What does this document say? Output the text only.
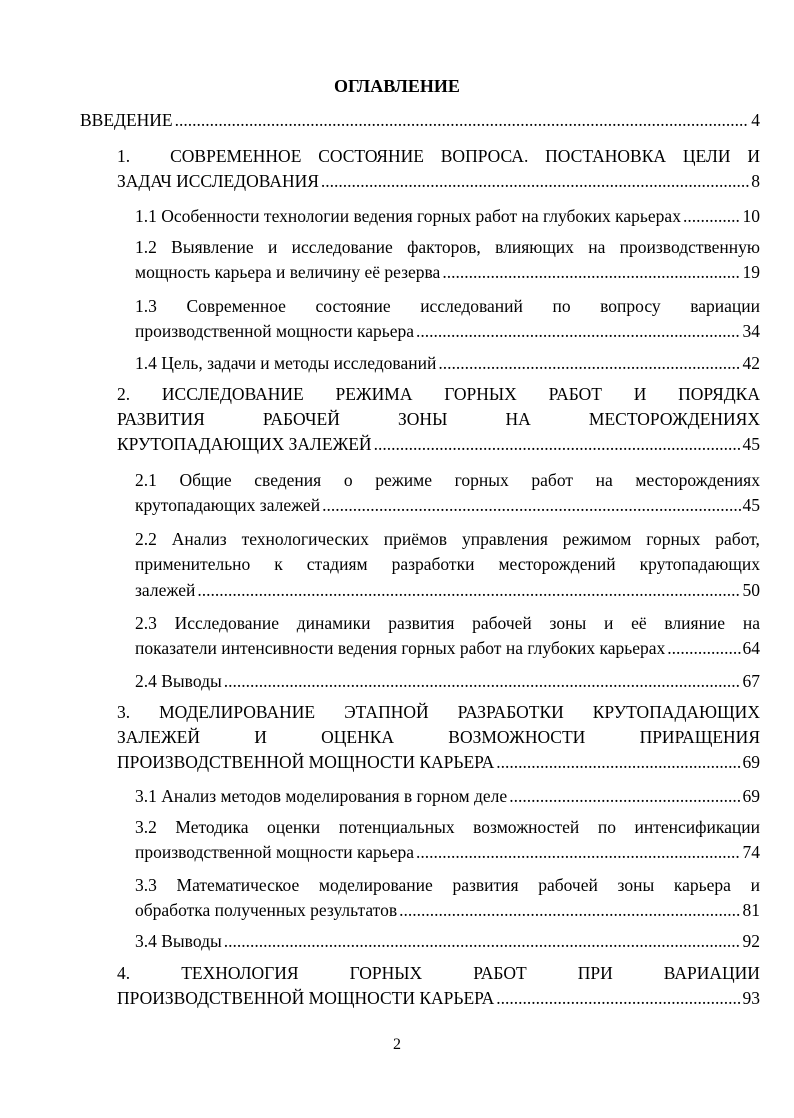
ОГЛАВЛЕНИЕ
ВВЕДЕНИЕ .....	4
1. СОВРЕМЕННОЕ СОСТОЯНИЕ ВОПРОСА. ПОСТАНОВКА ЦЕЛИ И
ЗАДАЧ ИССЛЕДОВАНИЯ .....	8
1.1 Особенности технологии ведения горных работ на глубоких карьерах .....	10
1.2 Выявление и исследование факторов, влияющих на производственную
мощность карьера и величину её резерва .....	19
1.3 Современное состояние исследований по вопросу вариации
производственной мощности карьера .....	34
1.4 Цель, задачи и методы исследований .....	42
2. ИССЛЕДОВАНИЕ РЕЖИМА ГОРНЫХ РАБОТ И ПОРЯДКА
РАЗВИТИЯ	РАБОЧЕЙ	ЗОНЫ	НА	МЕСТОРОЖДЕНИЯХ
КРУТОПАДАЮЩИХ ЗАЛЕЖЕЙ .....	45
2.1 Общие сведения о режиме горных работ на месторождениях
крутопадающих залежей .....	45
2.2 Анализ технологических приёмов управления режимом горных работ,
применительно к стадиям разработки месторождений крутопадающих
залежей .....	50
2.3 Исследование динамики развития рабочей зоны и её влияние на
показатели интенсивности ведения горных работ на глубоких карьерах .....	64
2.4 Выводы .....	67
3. МОДЕЛИРОВАНИЕ ЭТАПНОЙ РАЗРАБОТКИ КРУТОПАДАЮЩИХ
ЗАЛЕЖЕЙ	И	ОЦЕНКА	ВОЗМОЖНОСТИ	ПРИРАЩЕНИЯ
ПРОИЗВОДСТВЕННОЙ МОЩНОСТИ КАРЬЕРА .....	69
3.1 Анализ методов моделирования в горном деле .....	69
3.2 Методика оценки потенциальных возможностей по интенсификации
производственной мощности карьера .....	74
3.3 Математическое моделирование развития рабочей зоны карьера и
обработка полученных результатов .....	81
3.4 Выводы .....	92
4.	ТЕХНОЛОГИЯ	ГОРНЫХ	РАБОТ	ПРИ	ВАРИАЦИИ
ПРОИЗВОДСТВЕННОЙ МОЩНОСТИ КАРЬЕРА .....	93
2
